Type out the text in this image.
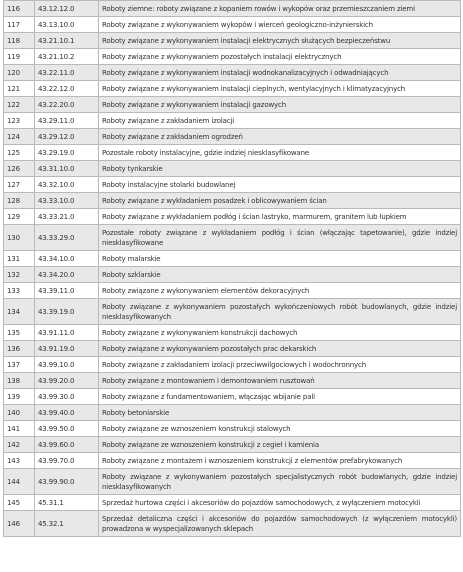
116	43.12.12.0	Roboty ziemne: roboty związane z kopaniem rowów i wykopów oraz przemieszczaniem ziemi
117	43.13.10.0	Roboty związane z wykonywaniem wykopów i wierceń geologiczno-inżynierskich
118	43.21.10.1	Roboty związane z wykonywaniem instalacji elektrycznych służących bezpieczeństwu
119	43.21.10.2	Roboty związane z wykonywaniem pozostałych instalacji elektrycznych
120	43.22.11.0	Roboty związane z wykonywaniem instalacji wodnokanalizacyjnych i odwadniających
121	43.22.12.0	Roboty związane z wykonywaniem instalacji cieplnych, wentylacyjnych i klimatyzacyjnych
122	43.22.20.0	Roboty związane z wykonywaniem instalacji gazowych
123	43.29.11.0	Roboty związane z zakładaniem izolacji
124	43.29.12.0	Roboty związane z zakładaniem ogrodzeń
125	43.29.19.0	Pozostałe roboty instalacyjne, gdzie indziej niesklasyfikowane
126	43.31.10.0	Roboty tynkarskie
127	43.32.10.0	Roboty instalacyjne stolarki budowlanej
128	43.33.10.0	Roboty związane z wykładaniem posadzek i oblicowywaniem ścian
129	43.33.21.0	Roboty związane z wykładaniem podłóg i ścian lastryko, marmurem, granitem lub łupkiem
130	43.33.29.0	Pozostałe roboty związane z wykładaniem podłóg i ścian (włączając tapetowanie), gdzie indziej niesklasyfikowane
131	43.34.10.0	Roboty malarskie
132	43.34.20.0	Roboty szklarskie
133	43.39.11.0	Roboty związane z wykonywaniem elementów dekoracyjnych
134	43.39.19.0	Roboty związane z wykonywaniem pozostałych wykończeniowych robót budowlanych, gdzie indziej niesklasyfikowanych
135	43.91.11.0	Roboty związane z wykonywaniem konstrukcji dachowych
136	43.91.19.0	Roboty związane z wykonywaniem pozostałych prac dekarskich
137	43.99.10.0	Roboty związane z zakładaniem izolacji przeciwwilgociowych i wodochronnych
138	43.99.20.0	Roboty związane z montowaniem i demontowaniem rusztowań
139	43.99.30.0	Roboty związane z fundamentowaniem, włączając wbijanie pali
140	43.99.40.0	Roboty betoniarskie
141	43.99.50.0	Roboty związane ze wznoszeniem konstrukcji stalowych
142	43.99.60.0	Roboty związane ze wznoszeniem konstrukcji z cegieł i kamienia
143	43.99.70.0	Roboty związane z montażem i wznoszeniem konstrukcji z elementów prefabrykowanych
144	43.99.90.0	Roboty związane z wykonywaniem pozostałych specjalistycznych robót budowlanych, gdzie indziej niesklasyfikowanych
145	45.31.1	Sprzedaż hurtowa części i akcesoriów do pojazdów samochodowych, z wyłączeniem motocykli
146	45.32.1	Sprzedaż detaliczna części i akcesoriów do pojazdów samochodowych (z wyłączeniem motocykli) prowadzona w wyspecjalizowanych sklepach
